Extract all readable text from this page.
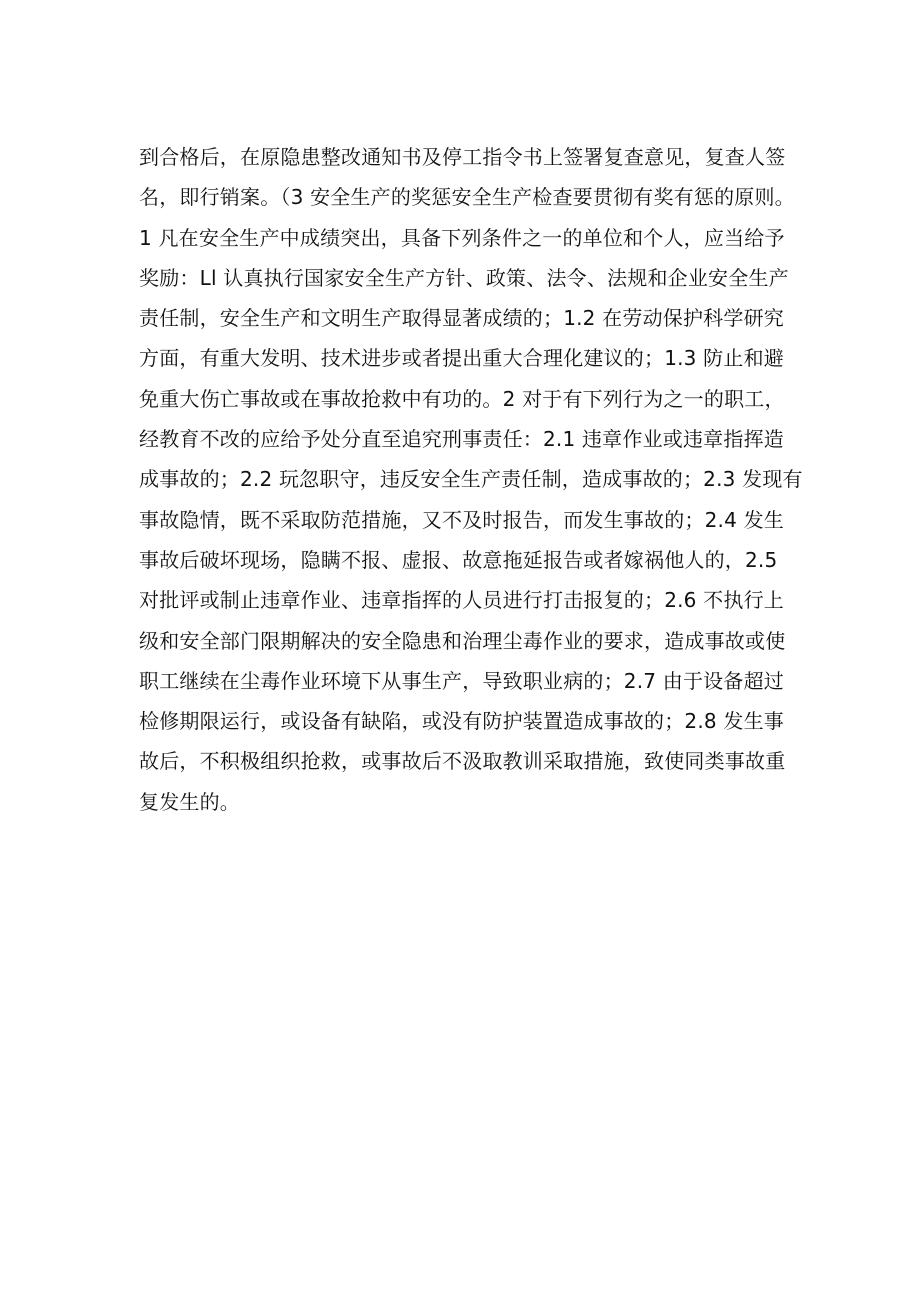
到合格后，在原隐患整改通知书及停工指令书上签署复查意见，复查人签
名，即行销案。（3 安全生产的奖惩安全生产检查要贯彻有奖有惩的原则。
1 凡在安全生产中成绩突出，具备下列条件之一的单位和个人，应当给予
奖励：Ll 认真执行国家安全生产方针、政策、法令、法规和企业安全生产
责任制，安全生产和文明生产取得显著成绩的；1.2 在劳动保护科学研究
方面，有重大发明、技术进步或者提出重大合理化建议的；1.3 防止和避
免重大伤亡事故或在事故抢救中有功的。2 对于有下列行为之一的职工，
经教育不改的应给予处分直至追究刑事责任：2.1 违章作业或违章指挥造
成事故的；2.2 玩忽职守，违反安全生产责任制，造成事故的；2.3 发现有
事故隐情，既不采取防范措施，又不及时报告，而发生事故的；2.4 发生
事故后破坏现场，隐瞒不报、虚报、故意拖延报告或者嫁祸他人的，2.5
对批评或制止违章作业、违章指挥的人员进行打击报复的；2.6 不执行上
级和安全部门限期解决的安全隐患和治理尘毒作业的要求，造成事故或使
职工继续在尘毒作业环境下从事生产，导致职业病的；2.7 由于设备超过
检修期限运行，或设备有缺陷，或没有防护装置造成事故的；2.8 发生事
故后，不积极组织抢救，或事故后不汲取教训采取措施，致使同类事故重
复发生的。
